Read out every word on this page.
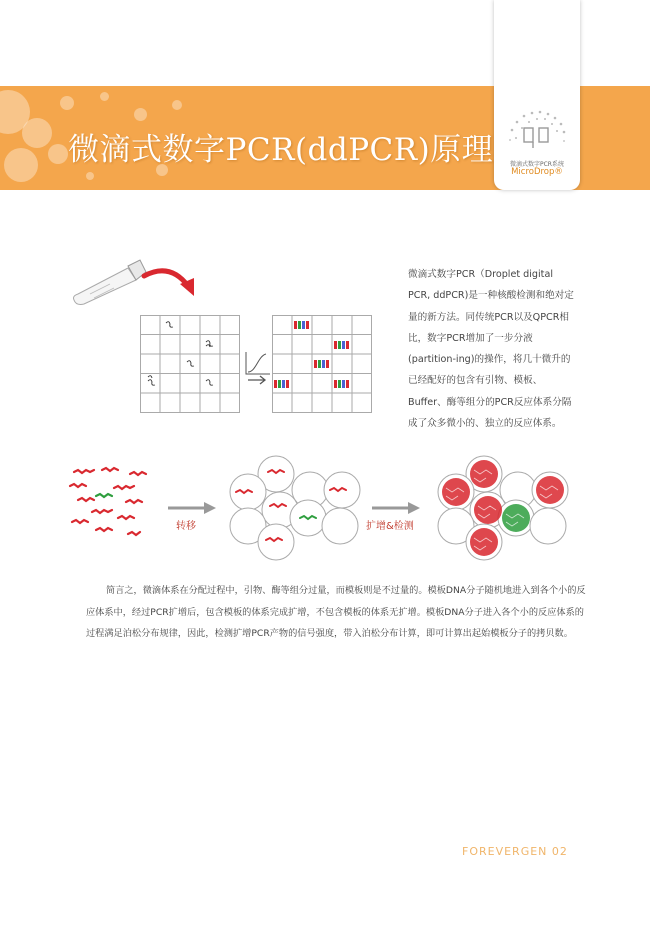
微滴式数字PCR(ddPCR)原理	微滴式数字PCR系统
MicroDrop®
微滴式数字PCR（Droplet digital PCR, ddPCR)是一种核酸检测和绝对定量的新方法。同传统PCR以及QPCR相比，数字PCR增加了一步分液(partition-ing)的操作，将几十微升的已经配好的包含有引物、模板、Buffer、酶等组分的PCR反应体系分隔成了众多微小的、独立的反应体系。
转移	扩增&检测
简言之，微滴体系在分配过程中，引物、酶等组分过量，而模板则是不过量的。模板DNA分子随机地进入到各个小的反应体系中，经过PCR扩增后，包含模板的体系完成扩增，不包含模板的体系无扩增。模板DNA分子进入各个小的反应体系的过程满足泊松分布规律，因此，检测扩增PCR产物的信号强度，带入泊松分布计算，即可计算出起始模板分子的拷贝数。
FOREVERGEN 02
